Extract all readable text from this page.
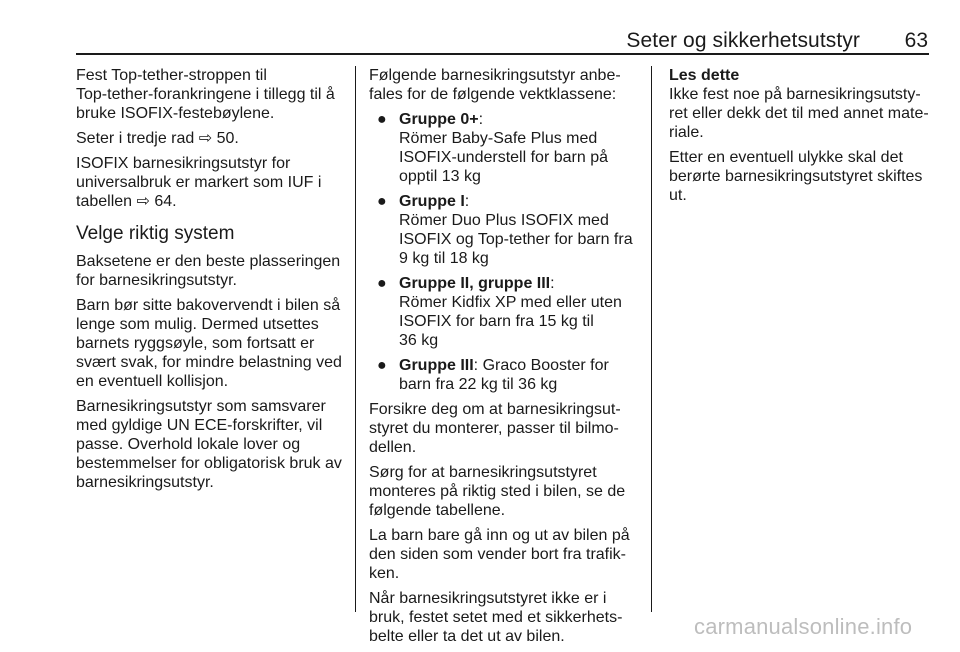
Seter og sikkerhetsutstyr	63

Fest Top-tether-stroppen til
Top-tether-forankringene i tillegg til å
bruke ISOFIX-festebøylene.

Seter i tredje rad ⇨ 50.

ISOFIX barnesikringsutstyr for
universalbruk er markert som IUF i
tabellen ⇨ 64.

Velge riktig system

Baksetene er den beste plasseringen
for barnesikringsutstyr.

Barn bør sitte bakovervendt i bilen så
lenge som mulig. Dermed utsettes
barnets ryggsøyle, som fortsatt er
svært svak, for mindre belastning ved
en eventuell kollisjon.

Barnesikringsutstyr som samsvarer
med gyldige UN ECE-forskrifter, vil
passe. Overhold lokale lover og
bestemmelser for obligatorisk bruk av
barnesikringsutstyr.

Følgende barnesikringsutstyr anbe-
fales for de følgende vektklassene:

● Gruppe 0+:
Römer Baby-Safe Plus med
ISOFIX-understell for barn på
opptil 13 kg
● Gruppe I:
Römer Duo Plus ISOFIX med
ISOFIX og Top-tether for barn fra
9 kg til 18 kg
● Gruppe II, gruppe III:
Römer Kidfix XP med eller uten
ISOFIX for barn fra 15 kg til
36 kg
● Gruppe III: Graco Booster for
barn fra 22 kg til 36 kg

Forsikre deg om at barnesikringsut-
styret du monterer, passer til bilmo-
dellen.

Sørg for at barnesikringsutstyret
monteres på riktig sted i bilen, se de
følgende tabellene.

La barn bare gå inn og ut av bilen på
den siden som vender bort fra trafik-
ken.

Når barnesikringsutstyret ikke er i
bruk, festet setet med et sikkerhets-
belte eller ta det ut av bilen.

Les dette
Ikke fest noe på barnesikringsutsty-
ret eller dekk det til med annet mate-
riale.

Etter en eventuell ulykke skal det
berørte barnesikringsutstyret skiftes
ut.

carmanualsonline.info
